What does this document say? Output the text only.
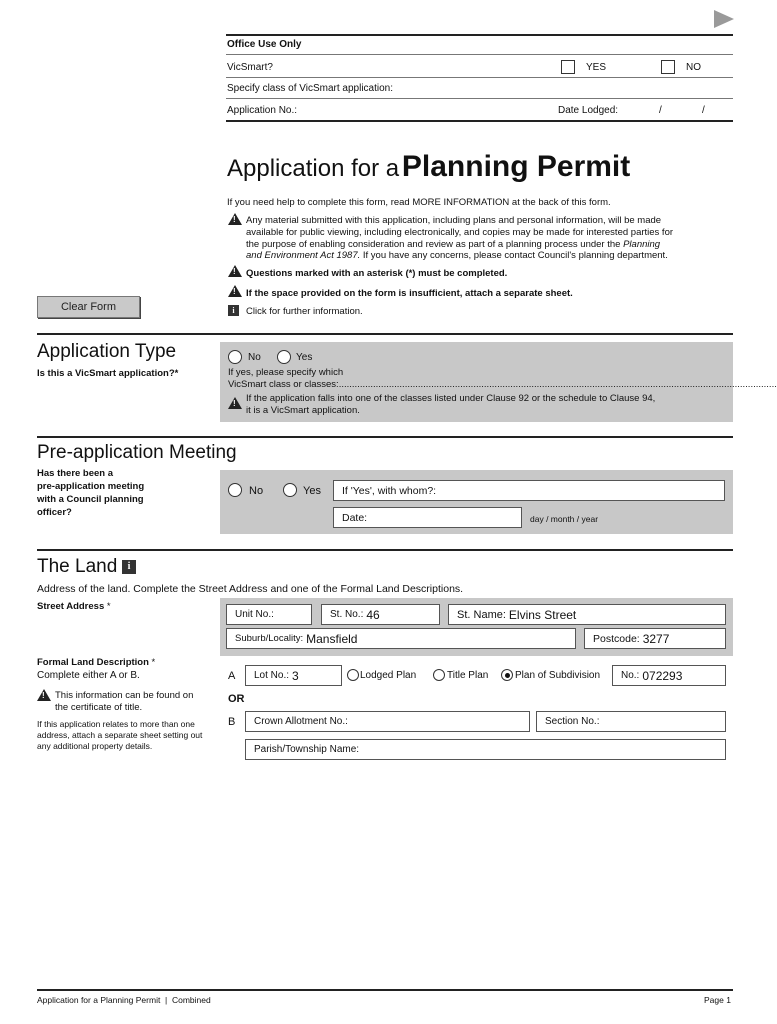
Office Use Only
VicSmart?	YES	NO
Specify class of VicSmart application:
Application No.:	Date Lodged:	/	/
Application for a Planning Permit
If you need help to complete this form, read MORE INFORMATION at the back of this form.
!
Any material submitted with this application, including plans and personal information, will be made
available for public viewing, including electronically, and copies may be made for interested parties for
the purpose of enabling consideration and review as part of a planning process under the Planning
and Environment Act 1987. If you have any concerns, please contact Council's planning department.
!
Questions marked with an asterisk (*) must be completed.
!
If the space provided on the form is insufficient, attach a separate sheet.
i	Click for further information.
Clear Form
Application Type
Is this a VicSmart application?*
No	Yes
If yes, please specify which
VicSmart class or classes:......................................................................................................................................................................
!
If the application falls into one of the classes listed under Clause 92 or the schedule to Clause 94,
it is a VicSmart application.
Pre-application Meeting
Has there been a
pre-application meeting
with a Council planning
officer?
No	Yes If 'Yes', with whom?:
Date:	day / month / year
The Land	i
Address of the land. Complete the Street Address and one of the Formal Land Descriptions.
Street Address *
Unit No.:	St. No.: 46	St. Name: Elvins Street
Suburb/Locality: Mansfield	Postcode: 3277
Formal Land Description *
Complete either A or B.
!
This information can be found on
the certificate of title.
If this application relates to more than one
address, attach a separate sheet setting out
any additional property details.
A Lot No.: 3	Lodged Plan	Title Plan	Plan of Subdivision No.: 072293
OR
B Crown Allotment No.:	Section No.:
Parish/Township Name:
Application for a Planning Permit  |  Combined	Page 1
